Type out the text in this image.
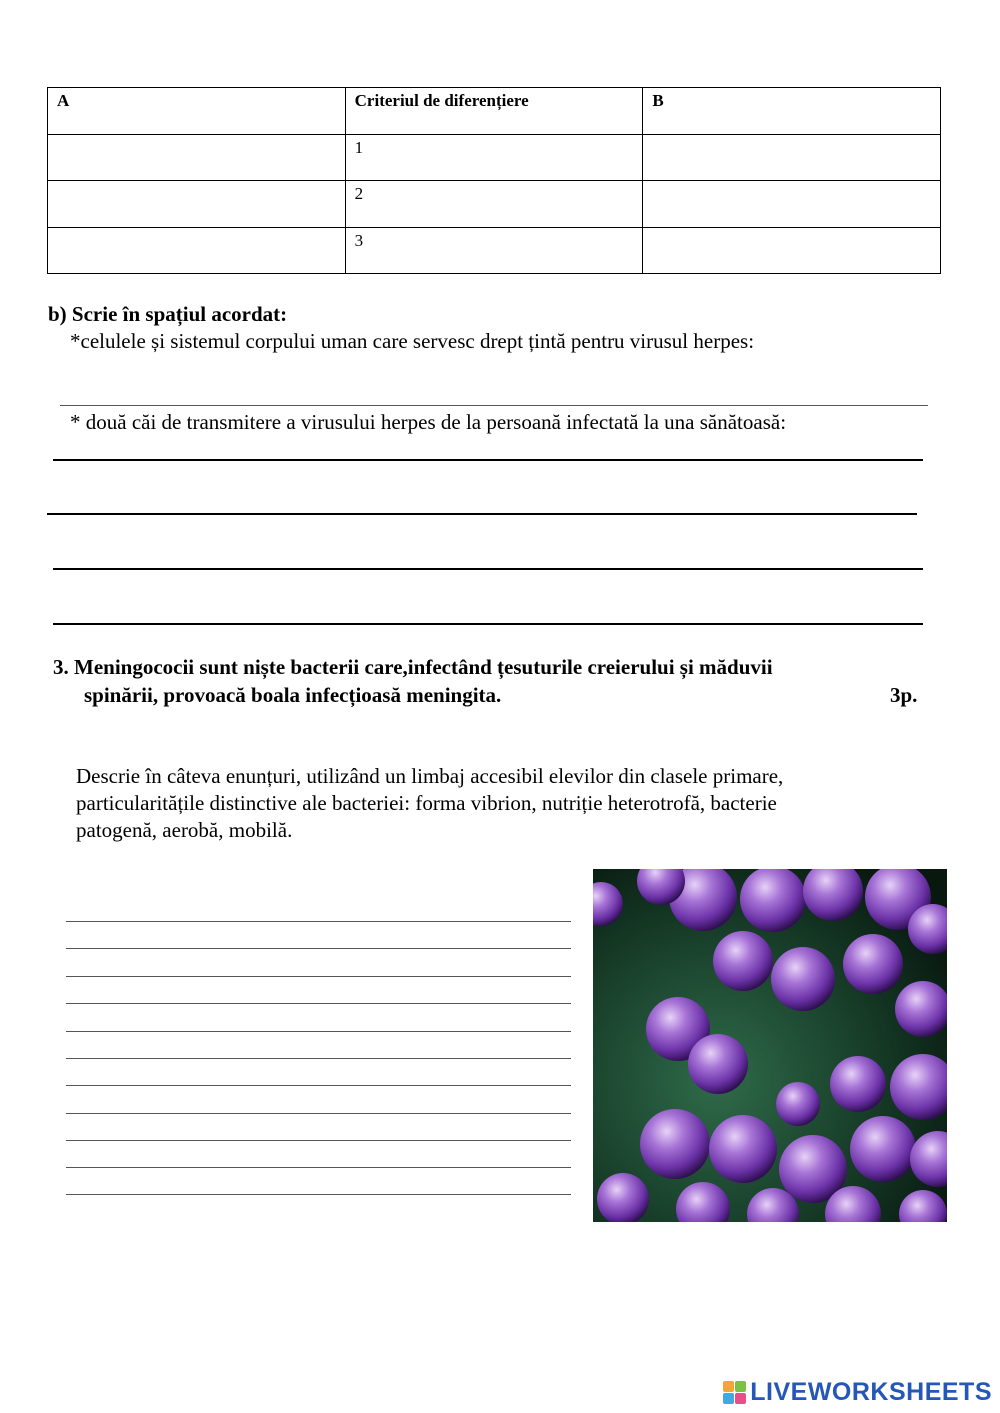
A	Criteriul de diferențiere	B
	1	
	2	
	3	
b) Scrie în spațiul acordat:
*celulele și sistemul corpului uman care servesc drept țintă pentru virusul herpes:
* două căi de transmitere a virusului herpes de la persoană infectată la una sănătoasă:
3. Meningococii sunt niște bacterii care,infectând țesuturile creierului și măduvii
spinării, provoacă boala infecțioasă meningita.	3p.
Descrie în câteva enunțuri, utilizând un limbaj accesibil elevilor din clasele primare,
particularitățile distinctive ale bacteriei: forma vibrion, nutriție heterotrofă, bacterie
patogenă, aerobă, mobilă.
LIVEWORKSHEETS
